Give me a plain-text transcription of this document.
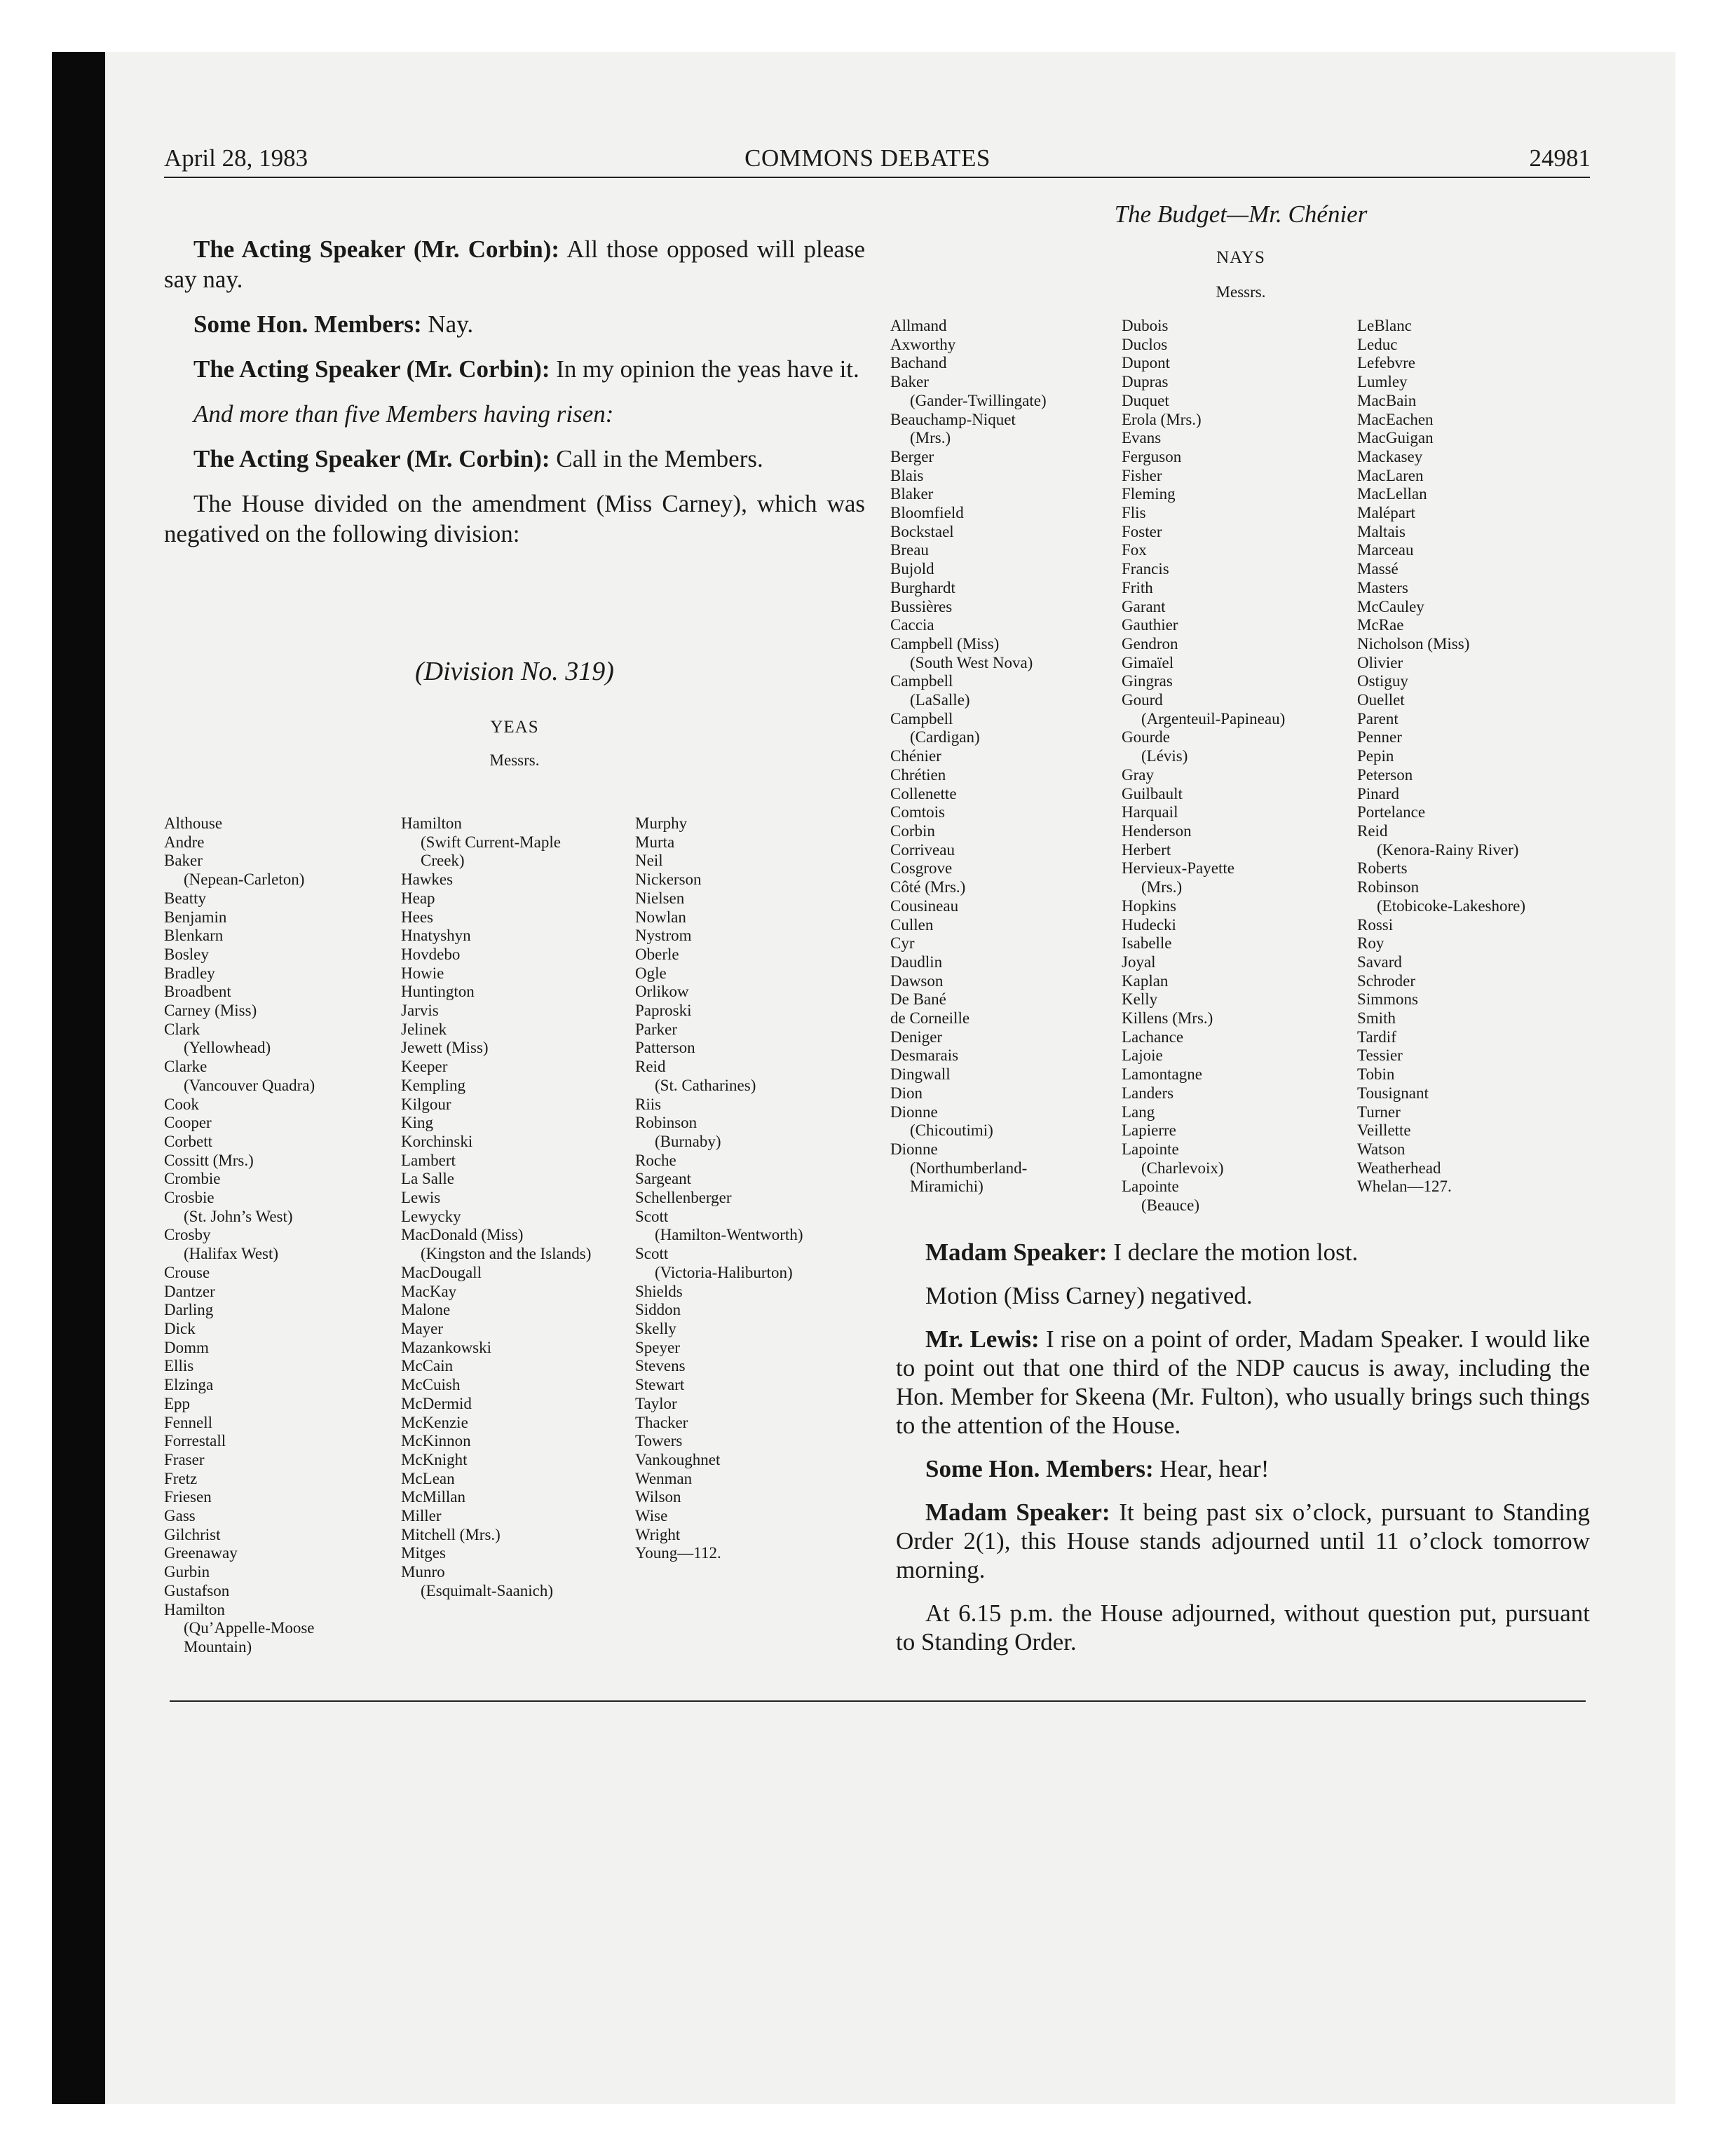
April 28, 1983	COMMONS DEBATES	24981
The Budget—Mr. Chénier

The Acting Speaker (Mr. Corbin): All those opposed will please say nay.

Some Hon. Members: Nay.

The Acting Speaker (Mr. Corbin): In my opinion the yeas have it.

And more than five Members having risen:

The Acting Speaker (Mr. Corbin): Call in the Members.

The House divided on the amendment (Miss Carney), which was negatived on the following division:

(Division No. 319)
YEAS
Messrs.
NAYS
Messrs.
Althouse
Andre
Baker
(Nepean-Carleton)
Beatty
Benjamin
Blenkarn
Bosley
Bradley
Broadbent
Carney (Miss)
Clark
(Yellowhead)
Clarke
(Vancouver Quadra)
Cook
Cooper
Corbett
Cossitt (Mrs.)
Crombie
Crosbie
(St. John’s West)
Crosby
(Halifax West)
Crouse
Dantzer
Darling
Dick
Domm
Ellis
Elzinga
Epp
Fennell
Forrestall
Fraser
Fretz
Friesen
Gass
Gilchrist
Greenaway
Gurbin
Gustafson
Hamilton
(Qu’Appelle-Moose
Mountain)
Hamilton
(Swift Current-Maple
Creek)
Hawkes
Heap
Hees
Hnatyshyn
Hovdebo
Howie
Huntington
Jarvis
Jelinek
Jewett (Miss)
Keeper
Kempling
Kilgour
King
Korchinski
Lambert
La Salle
Lewis
Lewycky
MacDonald (Miss)
(Kingston and the Islands)
MacDougall
MacKay
Malone
Mayer
Mazankowski
McCain
McCuish
McDermid
McKenzie
McKinnon
McKnight
McLean
McMillan
Miller
Mitchell (Mrs.)
Mitges
Munro
(Esquimalt-Saanich)
Murphy
Murta
Neil
Nickerson
Nielsen
Nowlan
Nystrom
Oberle
Ogle
Orlikow
Paproski
Parker
Patterson
Reid
(St. Catharines)
Riis
Robinson
(Burnaby)
Roche
Sargeant
Schellenberger
Scott
(Hamilton-Wentworth)
Scott
(Victoria-Haliburton)
Shields
Siddon
Skelly
Speyer
Stevens
Stewart
Taylor
Thacker
Towers
Vankoughnet
Wenman
Wilson
Wise
Wright
Young—112.
Allmand
Axworthy
Bachand
Baker
(Gander-Twillingate)
Beauchamp-Niquet
(Mrs.)
Berger
Blais
Blaker
Bloomfield
Bockstael
Breau
Bujold
Burghardt
Bussières
Caccia
Campbell (Miss)
(South West Nova)
Campbell
(LaSalle)
Campbell
(Cardigan)
Chénier
Chrétien
Collenette
Comtois
Corbin
Corriveau
Cosgrove
Côté (Mrs.)
Cousineau
Cullen
Cyr
Daudlin
Dawson
De Bané
de Corneille
Deniger
Desmarais
Dingwall
Dion
Dionne
(Chicoutimi)
Dionne
(Northumberland-
Miramichi)
Dubois
Duclos
Dupont
Dupras
Duquet
Erola (Mrs.)
Evans
Ferguson
Fisher
Fleming
Flis
Foster
Fox
Francis
Frith
Garant
Gauthier
Gendron
Gimaïel
Gingras
Gourd
(Argenteuil-Papineau)
Gourde
(Lévis)
Gray
Guilbault
Harquail
Henderson
Herbert
Hervieux-Payette
(Mrs.)
Hopkins
Hudecki
Isabelle
Joyal
Kaplan
Kelly
Killens (Mrs.)
Lachance
Lajoie
Lamontagne
Landers
Lang
Lapierre
Lapointe
(Charlevoix)
Lapointe
(Beauce)
LeBlanc
Leduc
Lefebvre
Lumley
MacBain
MacEachen
MacGuigan
Mackasey
MacLaren
MacLellan
Malépart
Maltais
Marceau
Massé
Masters
McCauley
McRae
Nicholson (Miss)
Olivier
Ostiguy
Ouellet
Parent
Penner
Pepin
Peterson
Pinard
Portelance
Reid
(Kenora-Rainy River)
Roberts
Robinson
(Etobicoke-Lakeshore)
Rossi
Roy
Savard
Schroder
Simmons
Smith
Tardif
Tessier
Tobin
Tousignant
Turner
Veillette
Watson
Weatherhead
Whelan—127.

Madam Speaker: I declare the motion lost.

Motion (Miss Carney) negatived.

Mr. Lewis: I rise on a point of order, Madam Speaker. I would like to point out that one third of the NDP caucus is away, including the Hon. Member for Skeena (Mr. Fulton), who usually brings such things to the attention of the House.

Some Hon. Members: Hear, hear!

Madam Speaker: It being past six o’clock, pursuant to Standing Order 2(1), this House stands adjourned until 11 o’clock tomorrow morning.

At 6.15 p.m. the House adjourned, without question put, pursuant to Standing Order.
